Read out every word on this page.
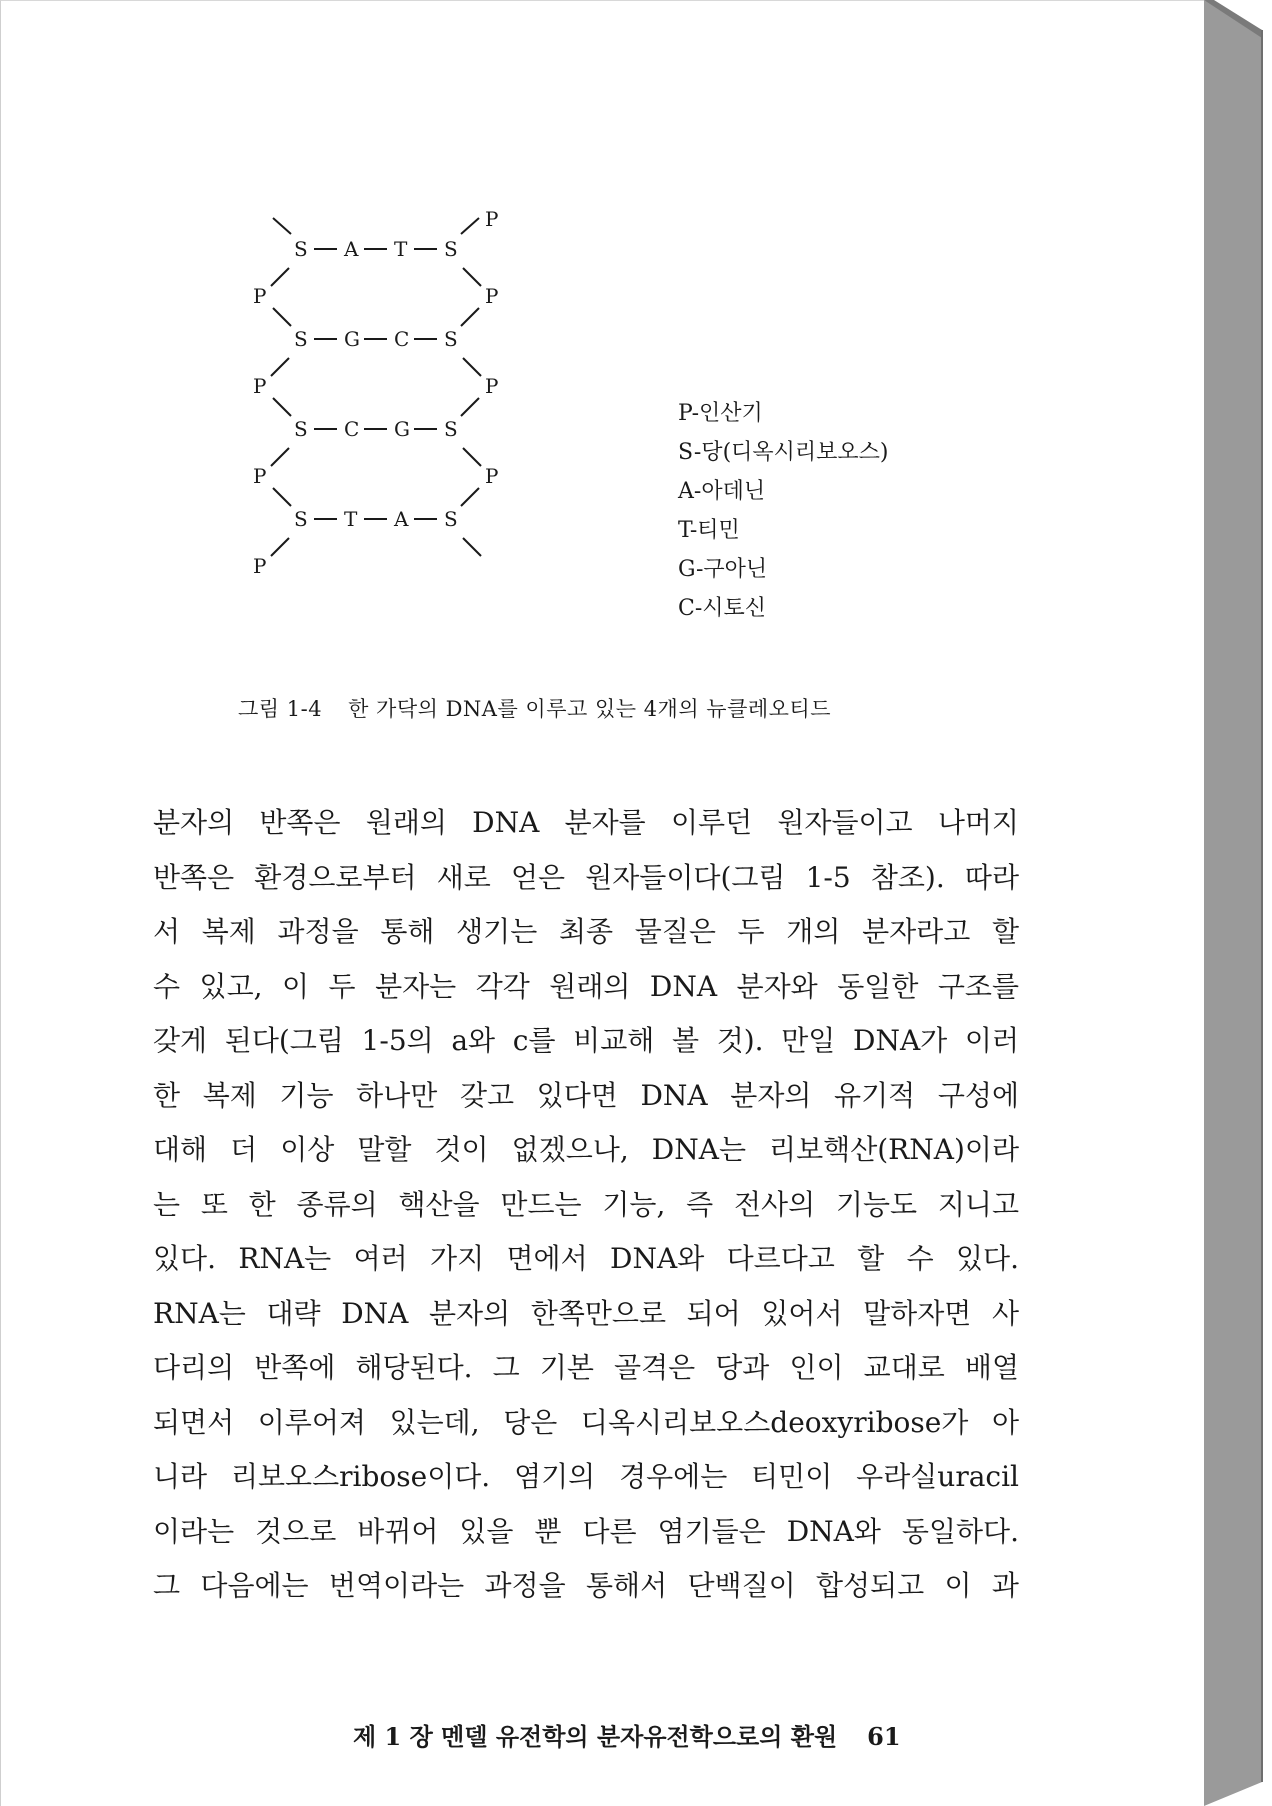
P
S A T S
P	P
S G C S
P	P
S C G S
P	P
S T A S
P
P-인산기
S-당(디옥시리보오스)
A-아데닌
T-티민
G-구아닌
C-시토신
그림 1-4 한 가닥의 DNA를 이루고 있는 4개의 뉴클레오티드
분자의 반쪽은 원래의 DNA 분자를 이루던 원자들이고 나머지
반쪽은 환경으로부터 새로 얻은 원자들이다(그림 1-5 참조). 따라
서 복제 과정을 통해 생기는 최종 물질은 두 개의 분자라고 할
수 있고, 이 두 분자는 각각 원래의 DNA 분자와 동일한 구조를
갖게 된다(그림 1-5의 a와 c를 비교해 볼 것). 만일 DNA가 이러
한 복제 기능 하나만 갖고 있다면 DNA 분자의 유기적 구성에
대해 더 이상 말할 것이 없겠으나, DNA는 리보핵산(RNA)이라
는 또 한 종류의 핵산을 만드는 기능, 즉 전사의 기능도 지니고
있다. RNA는 여러 가지 면에서 DNA와 다르다고 할 수 있다.
RNA는 대략 DNA 분자의 한쪽만으로 되어 있어서 말하자면 사
다리의 반쪽에 해당된다. 그 기본 골격은 당과 인이 교대로 배열
되면서 이루어져 있는데, 당은 디옥시리보오스deoxyribose가 아
니라 리보오스ribose이다. 염기의 경우에는 티민이 우라실uracil
이라는 것으로 바뀌어 있을 뿐 다른 염기들은 DNA와 동일하다.
그 다음에는 번역이라는 과정을 통해서 단백질이 합성되고 이 과
제 1 장 멘델 유전학의 분자유전학으로의 환원 61
